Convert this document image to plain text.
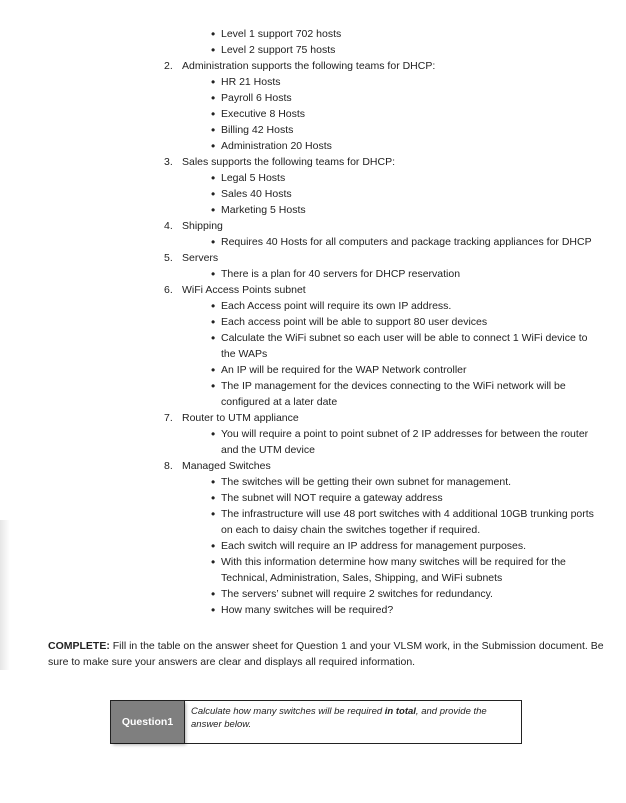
• Level 1 support 702 hosts
• Level 2 support 75 hosts
2. Administration supports the following teams for DHCP:
• HR 21 Hosts
• Payroll 6 Hosts
• Executive 8 Hosts
• Billing 42 Hosts
• Administration 20 Hosts
3. Sales supports the following teams for DHCP:
• Legal 5 Hosts
• Sales 40 Hosts
• Marketing 5 Hosts
4. Shipping
• Requires 40 Hosts for all computers and package tracking appliances for DHCP
5. Servers
• There is a plan for 40 servers for DHCP reservation
6. WiFi Access Points subnet
• Each Access point will require its own IP address.
• Each access point will be able to support 80 user devices
• Calculate the WiFi subnet so each user will be able to connect 1 WiFi device to the WAPs
• An IP will be required for the WAP Network controller
• The IP management for the devices connecting to the WiFi network will be configured at a later date
7. Router to UTM appliance
• You will require a point to point subnet of 2 IP addresses for between the router and the UTM device
8. Managed Switches
• The switches will be getting their own subnet for management.
• The subnet will NOT require a gateway address
• The infrastructure will use 48 port switches with 4 additional 10GB trunking ports on each to daisy chain the switches together if required.
• Each switch will require an IP address for management purposes.
• With this information determine how many switches will be required for the Technical, Administration, Sales, Shipping, and WiFi subnets
• The servers’ subnet will require 2 switches for redundancy.
• How many switches will be required?
COMPLETE: Fill in the table on the answer sheet for Question 1 and your VLSM work, in the Submission document. Be sure to make sure your answers are clear and displays all required information.
Question1
Calculate how many switches will be required in total, and provide the answer below.
